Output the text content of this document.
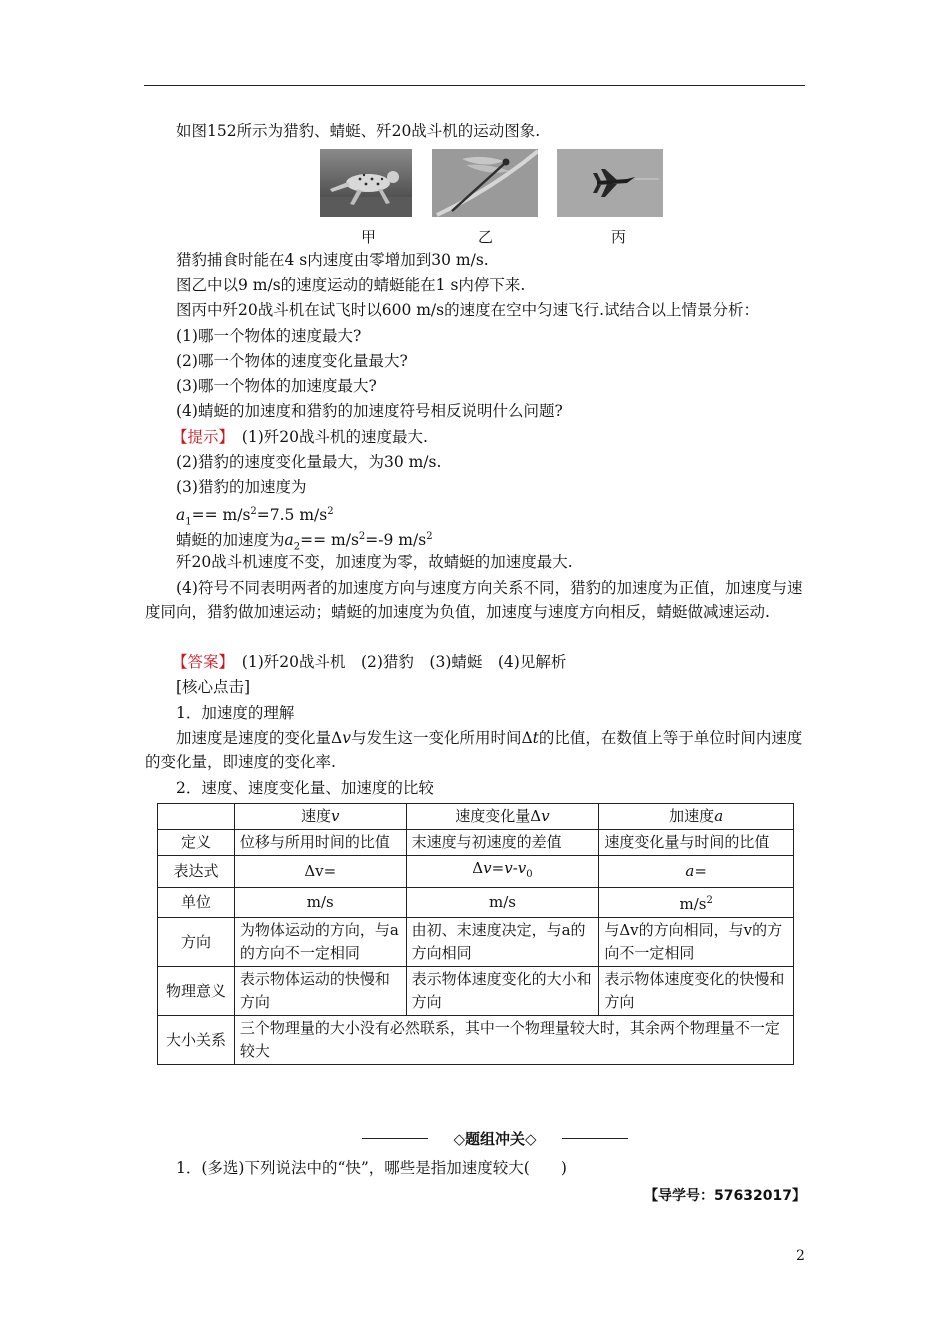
如图152所示为猎豹、蜻蜓、歼20战斗机的运动图象.
甲	乙	丙
猎豹捕食时能在4 s内速度由零增加到30 m/s.
图乙中以9 m/s的速度运动的蜻蜓能在1 s内停下来.
图丙中歼20战斗机在试飞时以600 m/s的速度在空中匀速飞行.试结合以上情景分析：
(1)哪一个物体的速度最大?
(2)哪一个物体的速度变化量最大?
(3)哪一个物体的加速度最大?
(4)蜻蜓的加速度和猎豹的加速度符号相反说明什么问题?
【提示】　 (1)歼20战斗机的速度最大.
(2)猎豹的速度变化量最大，为30 m/s.
(3)猎豹的加速度为
$a_1== m/s^2=7.5$ $m/s^2$
蜻蜓的加速度为$a_2== m/s^2=-9$ $m/s^2$
歼20战斗机速度不变，加速度为零，故蜻蜓的加速度最大.
(4)符号不同表明两者的加速度方向与速度方向关系不同，猎豹的加速度为正值，加速度与速度同向，猎豹做加速运动；蜻蜓的加速度为负值，加速度与速度方向相反，蜻蜓做减速运动.
【答案】　 (1)歼20战斗机　(2)猎豹　(3)蜻蜓　(4)见解析
[核心点击]
1．加速度的理解
加速度是速度的变化量Δv与发生这一变化所用时间Δt的比值，在数值上等于单位时间内速度的变化量，即速度的变化率.
2．速度、速度变化量、加速度的比较
	速度v	速度变化量Δv	加速度a
定义	位移与所用时间的比值	末速度与初速度的差值	速度变化量与时间的比值
表达式	Δv=	$\Delta v=v-v_0$	a=
单位	m/s	m/s	$m/s^2$
方向	为物体运动的方向，与a的方向不一定相同	由初、末速度决定，与a的方向相同	与Δv的方向相同，与v的方向不一定相同
物理意义	表示物体运动的快慢和方向	表示物体速度变化的大小和方向	表示物体速度变化的快慢和方向
大小关系	三个物理量的大小没有必然联系，其中一个物理量较大时，其余两个物理量不一定较大		
◇题组冲关◇
1．(多选)下列说法中的“快”，哪些是指加速度较大(　　)
【导学号：57632017】
2
